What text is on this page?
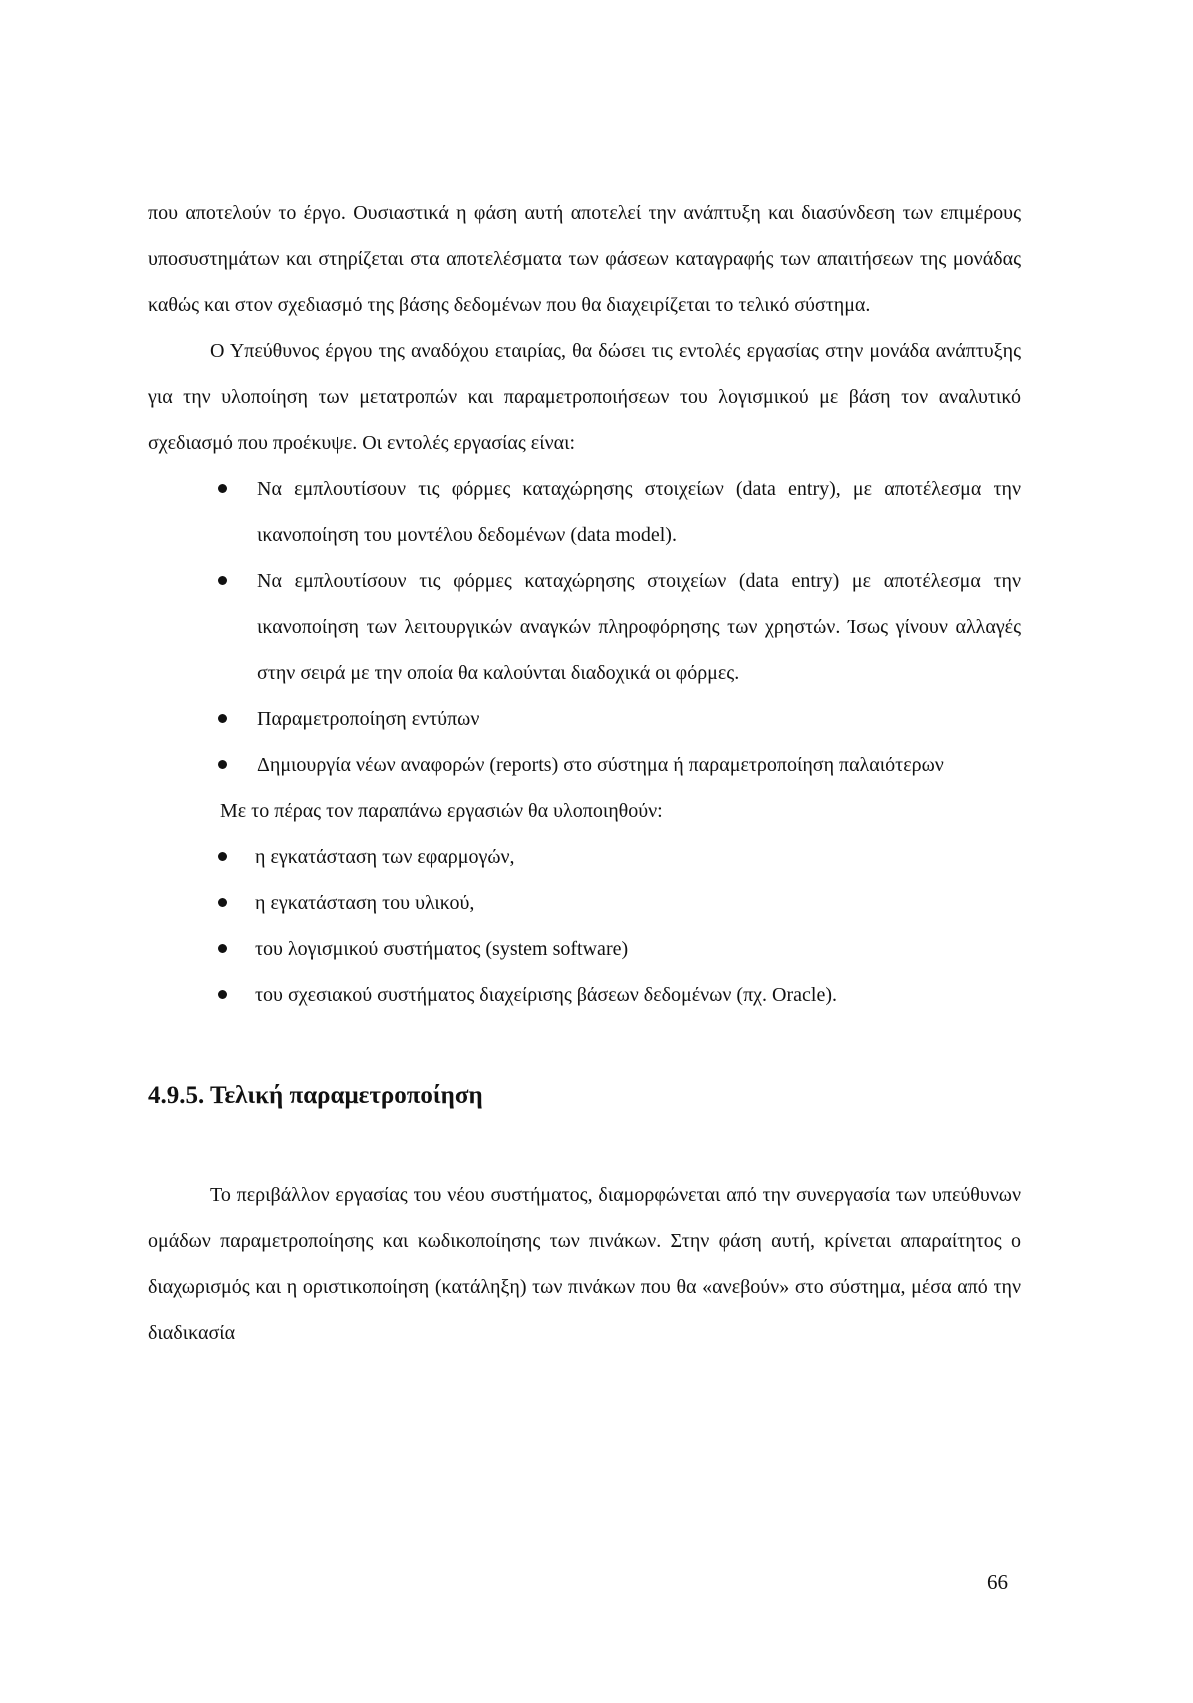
που αποτελούν το έργο. Ουσιαστικά η φάση αυτή αποτελεί την ανάπτυξη και διασύνδεση των επιμέρους υποσυστημάτων και στηρίζεται στα αποτελέσματα των φάσεων καταγραφής των απαιτήσεων της μονάδας καθώς και στον σχεδιασμό της βάσης δεδομένων που θα διαχειρίζεται το τελικό σύστημα.

Ο Υπεύθυνος έργου της αναδόχου εταιρίας, θα δώσει τις εντολές εργασίας στην μονάδα ανάπτυξης για την υλοποίηση των μετατροπών και παραμετροποιήσεων του λογισμικού με βάση τον αναλυτικό σχεδιασμό που προέκυψε. Οι εντολές εργασίας είναι:

Να εμπλουτίσουν τις φόρμες καταχώρησης στοιχείων (data entry), με αποτέλεσμα την ικανοποίηση του μοντέλου δεδομένων (data model).
Να εμπλουτίσουν τις φόρμες καταχώρησης στοιχείων (data entry) με αποτέλεσμα την ικανοποίηση των λειτουργικών αναγκών πληροφόρησης των χρηστών. Ίσως γίνουν αλλαγές στην σειρά με την οποία θα καλούνται διαδοχικά οι φόρμες.
Παραμετροποίηση εντύπων
Δημιουργία νέων αναφορών (reports) στο σύστημα ή παραμετροποίηση παλαιότερων

Με το πέρας τον παραπάνω εργασιών θα υλοποιηθούν:

η εγκατάσταση των εφαρμογών,
η εγκατάσταση του υλικού,
του λογισμικού συστήματος (system software)
του σχεσιακού συστήματος διαχείρισης βάσεων δεδομένων (πχ. Oracle).
4.9.5. Τελική παραμετροποίηση

Το περιβάλλον εργασίας του νέου συστήματος, διαμορφώνεται από την συνεργασία των υπεύθυνων ομάδων παραμετροποίησης και κωδικοποίησης των πινάκων. Στην φάση αυτή, κρίνεται απαραίτητος ο διαχωρισμός και η οριστικοποίηση (κατάληξη) των πινάκων που θα «ανεβούν» στο σύστημα, μέσα από την διαδικασία

66
